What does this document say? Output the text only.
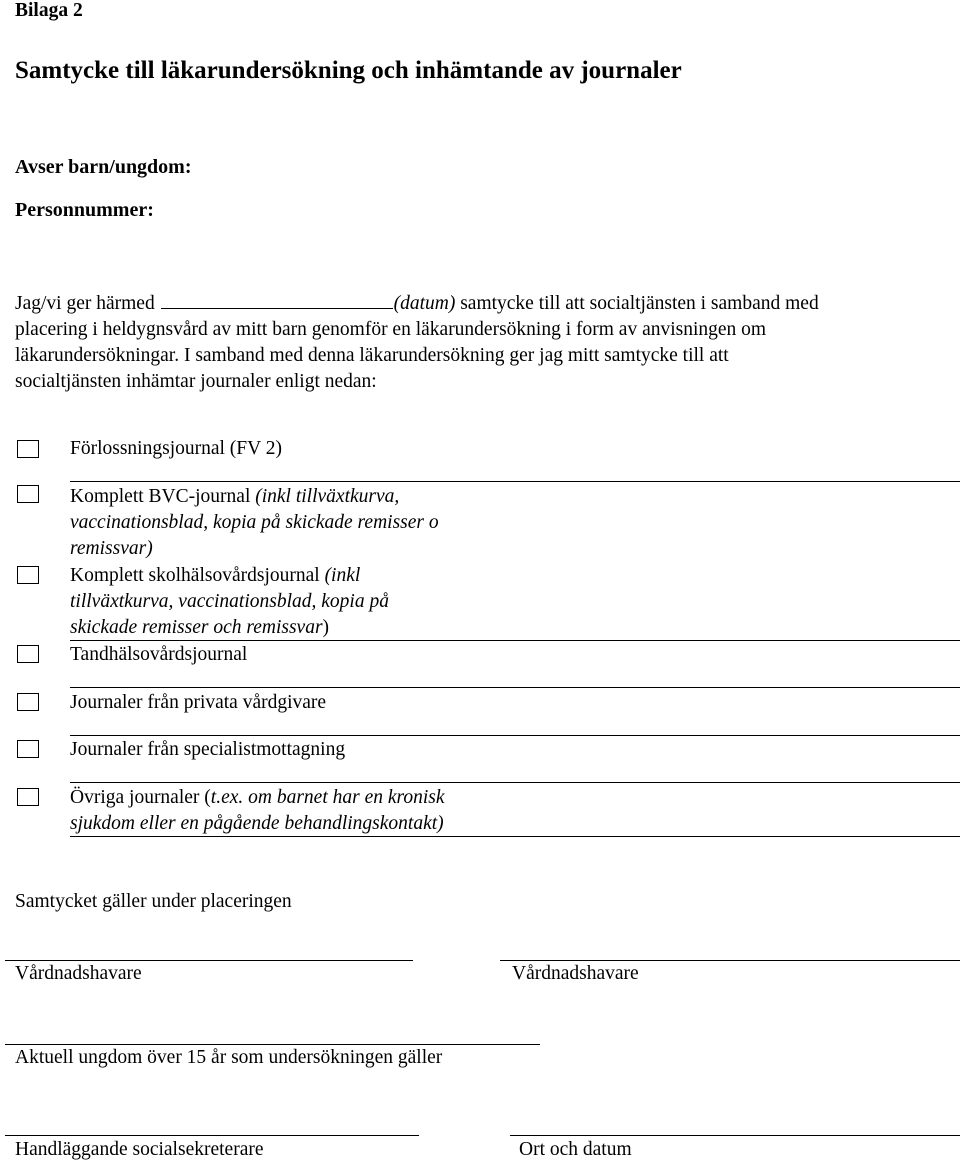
Bilaga 2
Samtycke till läkarundersökning och inhämtande av journaler
Avser barn/ungdom:
Personnummer:
Jag/vi ger härmed	(datum) samtycke till att socialtjänsten i samband med
placering i heldygnsvård av mitt barn genomför en läkarundersökning i form av anvisningen om
läkarundersökningar. I samband med denna läkarundersökning ger jag mitt samtycke till att
socialtjänsten inhämtar journaler enligt nedan:
Förlossningsjournal (FV 2)
Komplett BVC-journal (inkl tillväxtkurva,
vaccinationsblad, kopia på skickade remisser o
remissvar)
Komplett skolhälsovårdsjournal (inkl
tillväxtkurva, vaccinationsblad, kopia på
skickade remisser och remissvar)
Tandhälsovårdsjournal
Journaler från privata vårdgivare
Journaler från specialistmottagning
Övriga journaler (t.ex. om barnet har en kronisk
sjukdom eller en pågående behandlingskontakt)
Samtycket gäller under placeringen
Vårdnadshavare	Vårdnadshavare
Aktuell ungdom över 15 år som undersökningen gäller
Handläggande socialsekreterare	Ort och datum
